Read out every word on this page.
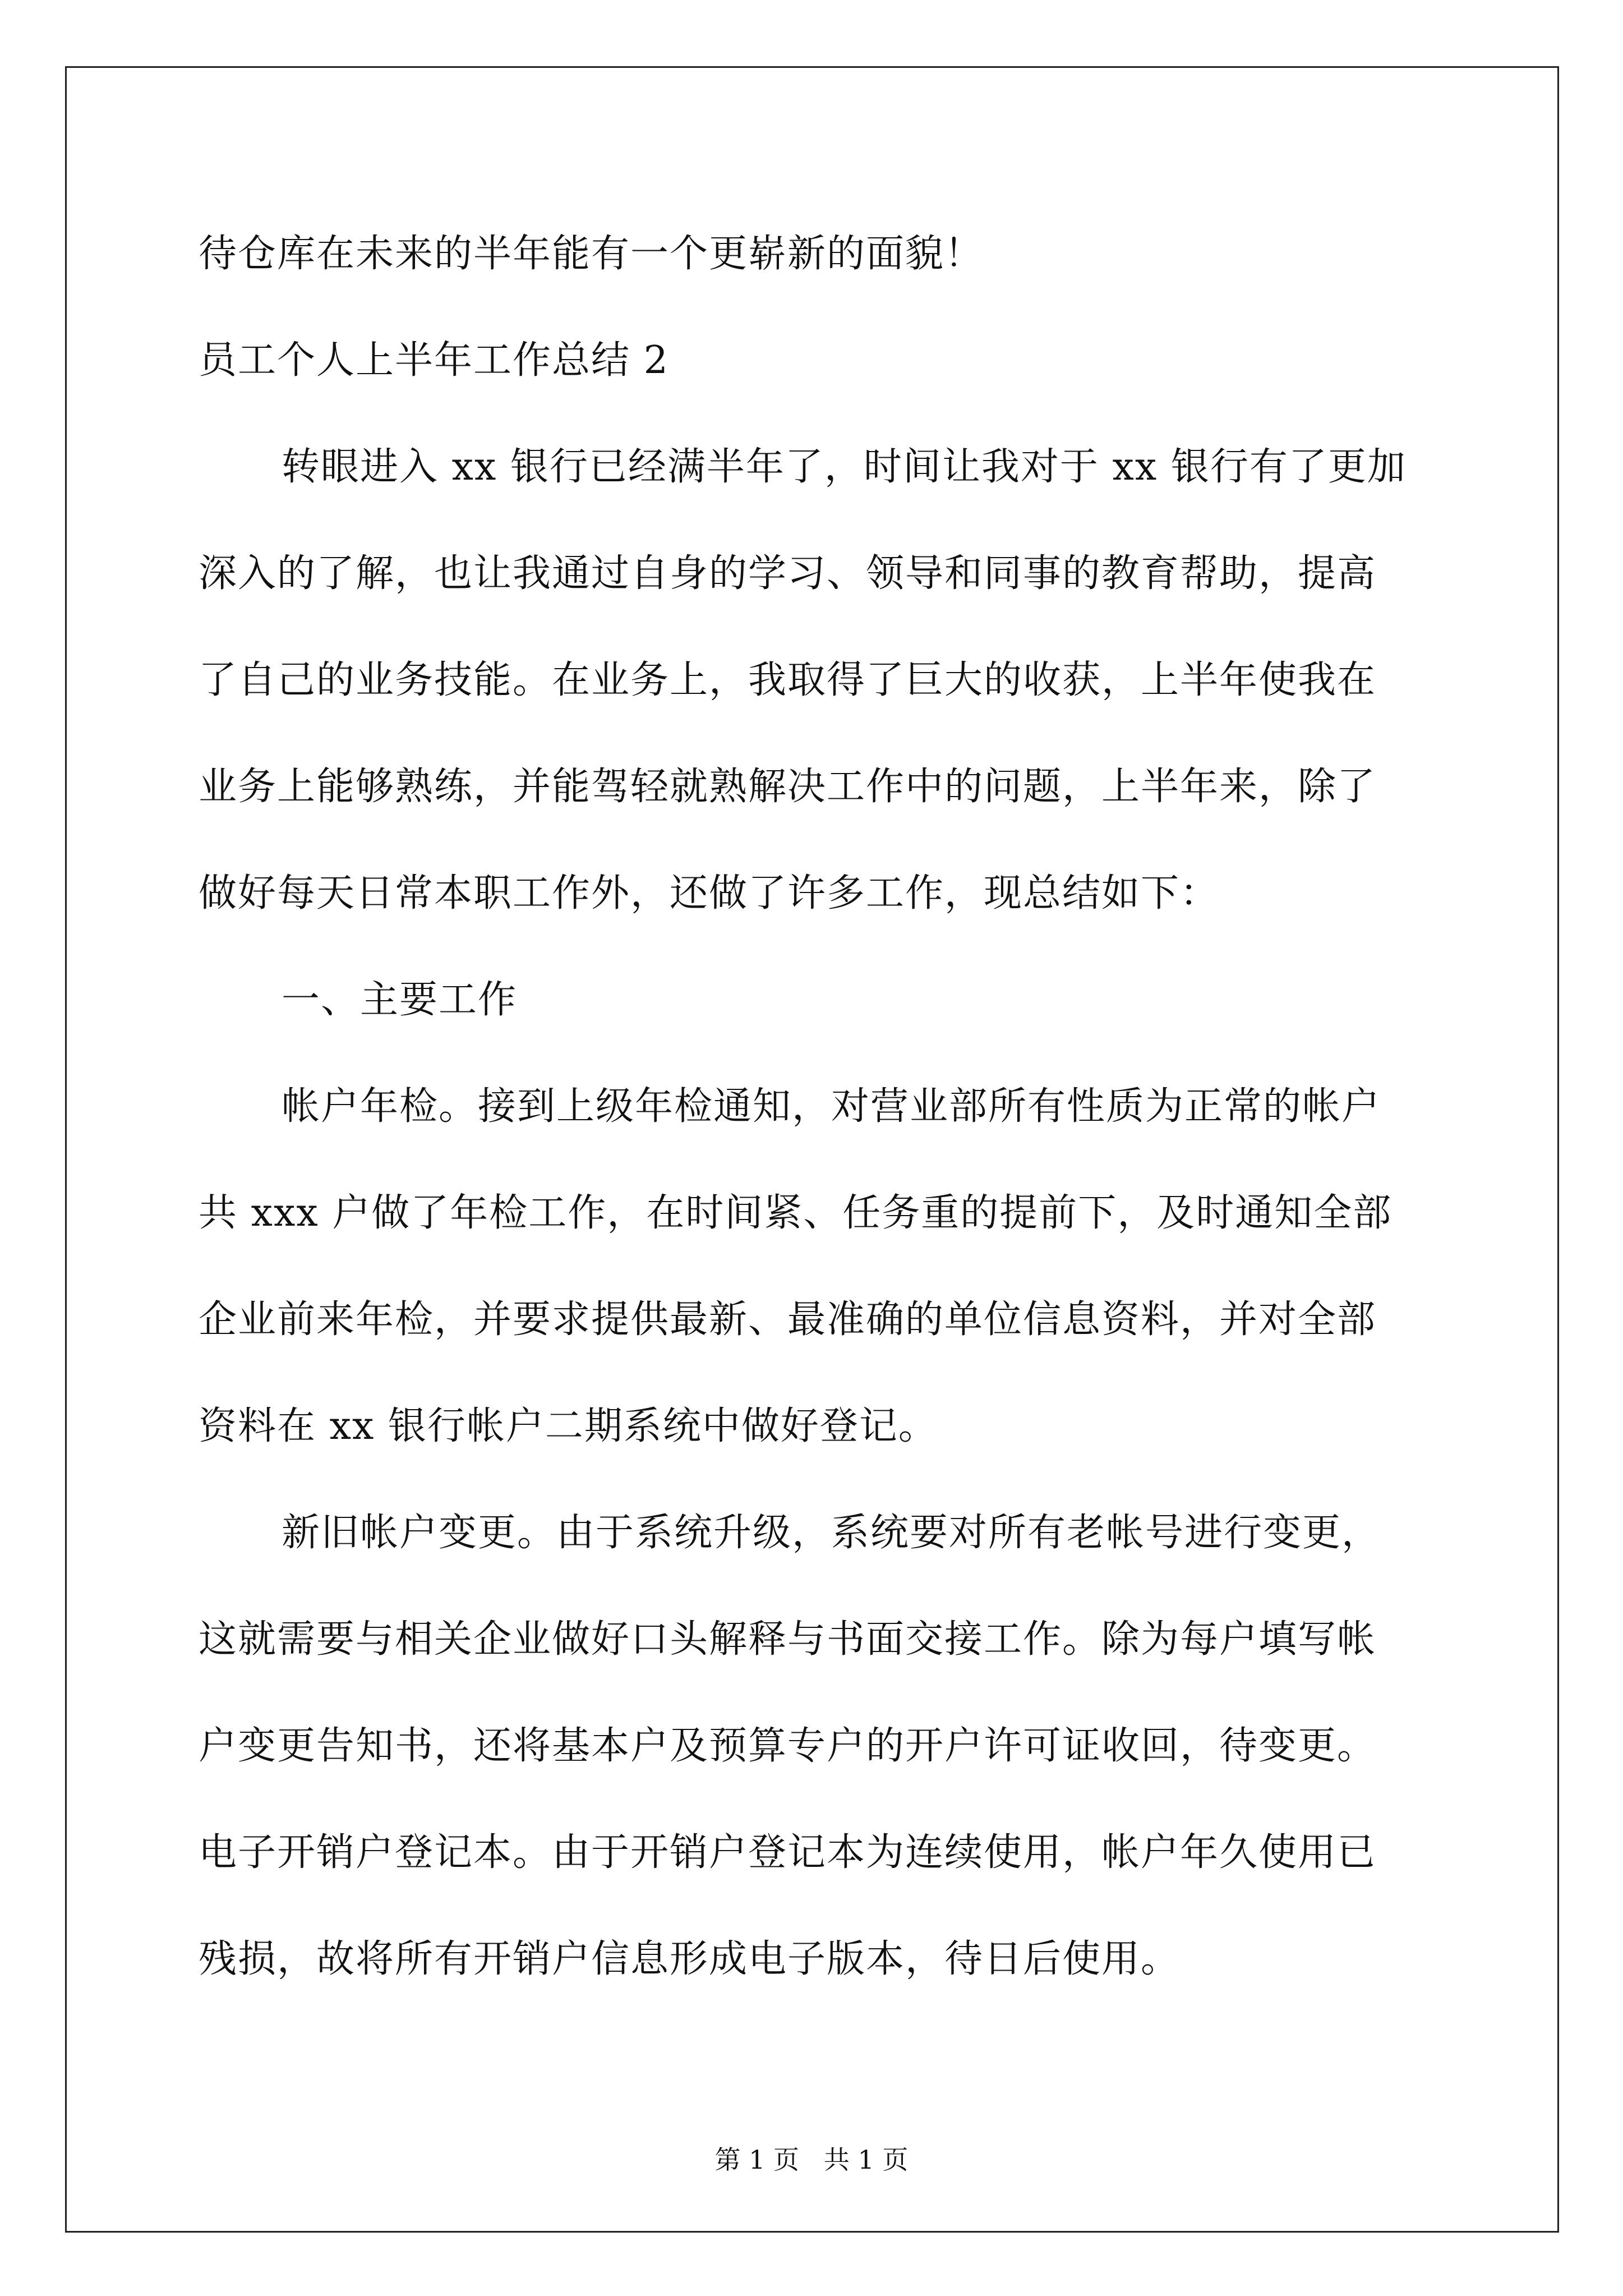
待仓库在未来的半年能有一个更崭新的面貌！
员工个人上半年工作总结 2
转眼进入 xx 银行已经满半年了，时间让我对于 xx 银行有了更加
深入的了解，也让我通过自身的学习、领导和同事的教育帮助，提高
了自己的业务技能。在业务上，我取得了巨大的收获，上半年使我在
业务上能够熟练，并能驾轻就熟解决工作中的问题，上半年来，除了
做好每天日常本职工作外，还做了许多工作，现总结如下：
一、主要工作
帐户年检。接到上级年检通知，对营业部所有性质为正常的帐户
共 xxx 户做了年检工作，在时间紧、任务重的提前下，及时通知全部
企业前来年检，并要求提供最新、最准确的单位信息资料，并对全部
资料在 xx 银行帐户二期系统中做好登记。
新旧帐户变更。由于系统升级，系统要对所有老帐号进行变更，
这就需要与相关企业做好口头解释与书面交接工作。除为每户填写帐
户变更告知书，还将基本户及预算专户的开户许可证收回，待变更。
电子开销户登记本。由于开销户登记本为连续使用，帐户年久使用已
残损，故将所有开销户信息形成电子版本，待日后使用。
第 1 页   共 1 页
